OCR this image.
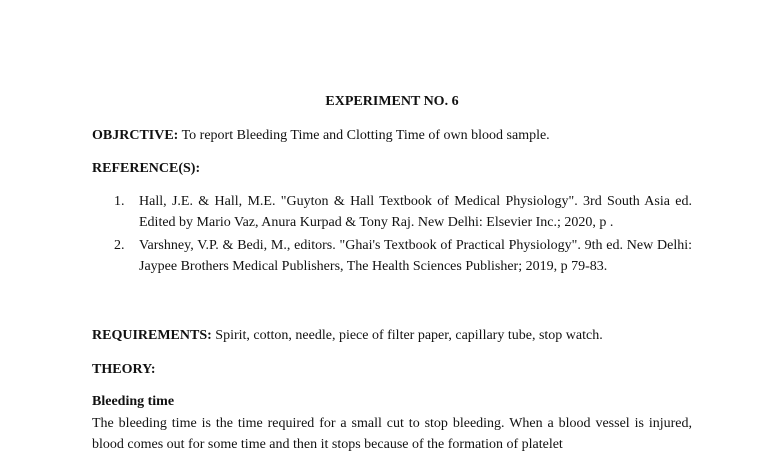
EXPERIMENT NO. 6

OBJRCTIVE: To report Bleeding Time and Clotting Time of own blood sample.

REFERENCE(S):

1.	Hall, J.E. & Hall, M.E. "Guyton & Hall Textbook of Medical Physiology". 3rd South Asia ed. Edited by Mario Vaz, Anura Kurpad & Tony Raj. New Delhi: Elsevier Inc.; 2020, p .
2.	Varshney, V.P. & Bedi, M., editors. "Ghai's Textbook of Practical Physiology". 9th ed. New Delhi: Jaypee Brothers Medical Publishers, The Health Sciences Publisher; 2019, p 79-83.

REQUIREMENTS: Spirit, cotton, needle, piece of filter paper, capillary tube, stop watch.

THEORY:

Bleeding time

The bleeding time is the time required for a small cut to stop bleeding. When a blood vessel is injured, blood comes out for some time and then it stops because of the formation of platelet
